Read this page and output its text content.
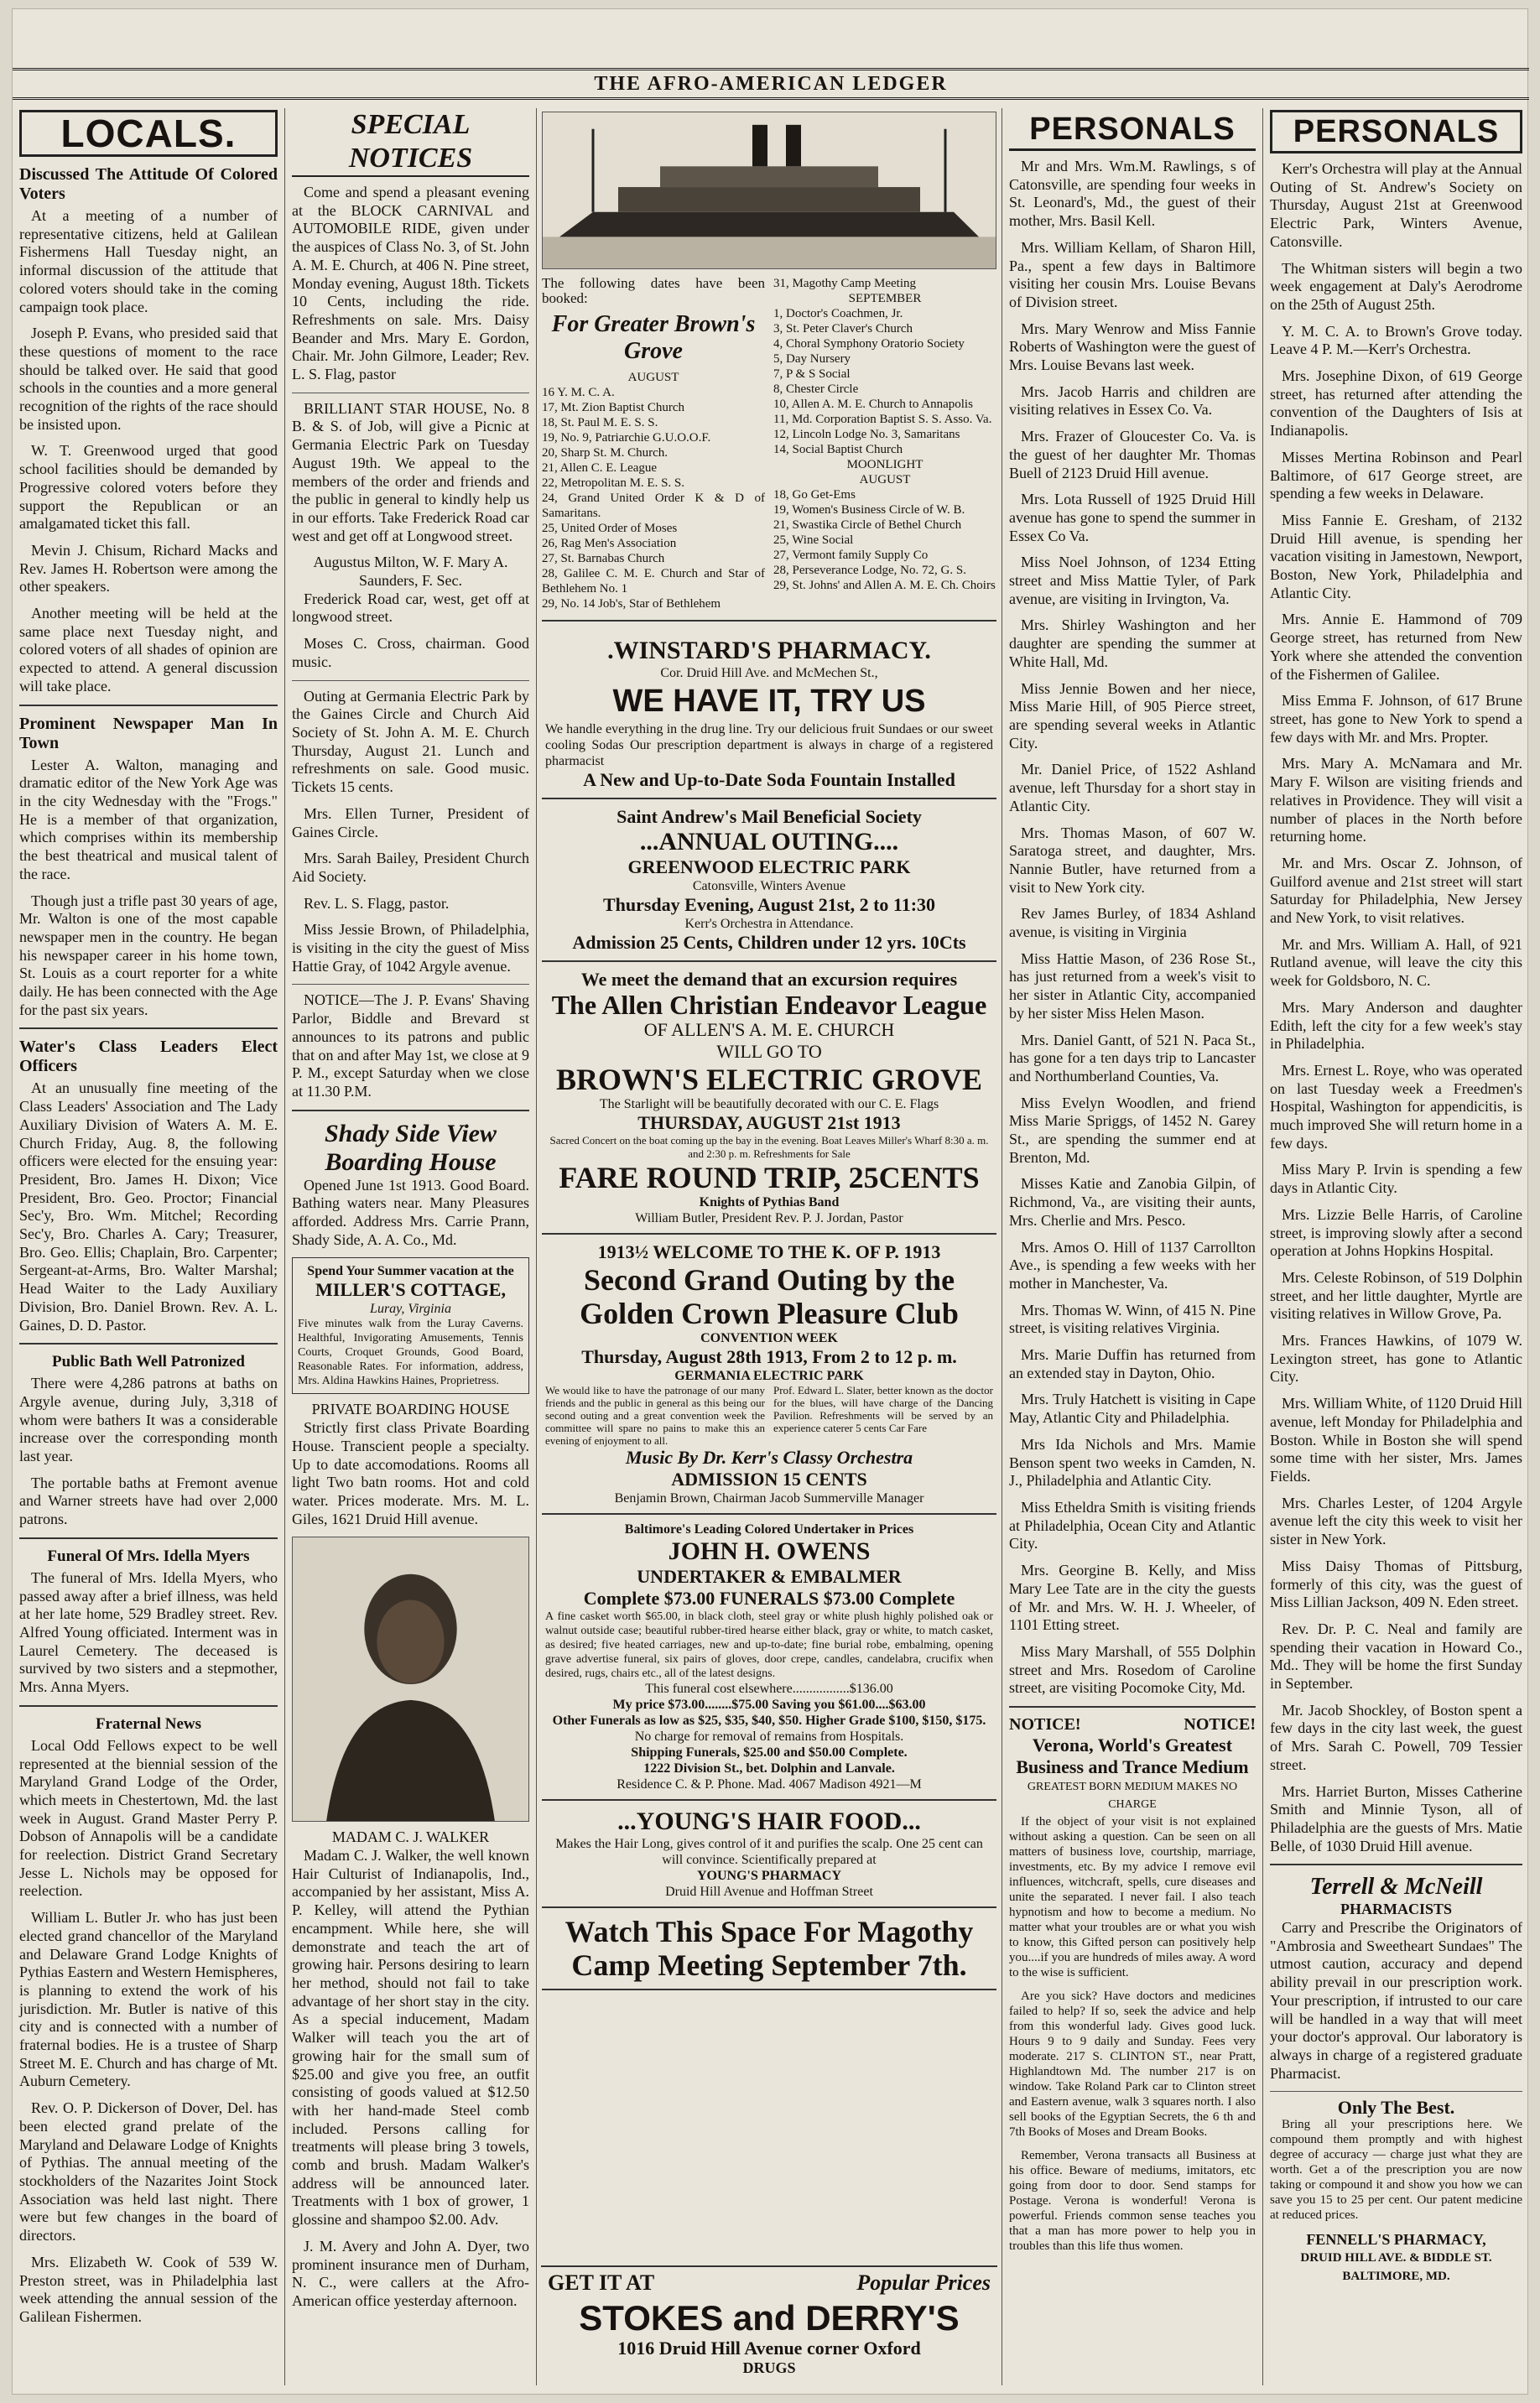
THE AFRO-AMERICAN LEDGER
LOCALS.
Discussed The Attitude Of Colored Voters
At a meeting of a number of representative citizens, held at Galilean Fishermens Hall Tuesday night, an informal discussion of the attitude that colored voters should take in the coming campaign took place.
Joseph P. Evans, who presided said that these questions of moment to the race should be talked over. He said that good schools in the counties and a more general recognition of the rights of the race should be insisted upon.
W. T. Greenwood urged that good school facilities should be demanded by Progressive colored voters before they support the Republican or an amalgamated ticket this fall.
Mevin J. Chisum, Richard Macks and Rev. James H. Robertson were among the other speakers.
Another meeting will be held at the same place next Tuesday night, and colored voters of all shades of opinion are expected to attend. A general discussion will take place.
Prominent Newspaper Man In Town
Lester A. Walton, managing and dramatic editor of the New York Age was in the city Wednesday with the "Frogs." He is a member of that organization, which comprises within its membership the best theatrical and musical talent of the race.
Though just a trifle past 30 years of age, Mr. Walton is one of the most capable newspaper men in the country. He began his newspaper career in his home town, St. Louis as a court reporter for a white daily. He has been connected with the Age for the past six years.
Water's Class Leaders Elect Officers
At an unusually fine meeting of the Class Leaders' Association and The Lady Auxiliary Division of Waters A. M. E. Church Friday, Aug. 8, the following officers were elected for the ensuing year: President, Bro. James H. Dixon; Vice President, Bro. Geo. Proctor; Financial Sec'y, Bro. Wm. Mitchel; Recording Sec'y, Bro. Charles A. Cary; Treasurer, Bro. Geo. Ellis; Chaplain, Bro. Carpenter; Sergeant-at-Arms, Bro. Walter Marshal; Head Waiter to the Lady Auxiliary Division, Bro. Daniel Brown. Rev. A. L. Gaines, D. D. Pastor.
Public Bath Well Patronized
There were 4,286 patrons at baths on Argyle avenue, during July, 3,318 of whom were bathers It was a considerable increase over the corresponding month last year.
The portable baths at Fremont avenue and Warner streets have had over 2,000 patrons.
Funeral Of Mrs. Idella Myers
The funeral of Mrs. Idella Myers, who passed away after a brief illness, was held at her late home, 529 Bradley street. Rev. Alfred Young officiated. Interment was in Laurel Cemetery. The deceased is survived by two sisters and a stepmother, Mrs. Anna Myers.
Fraternal News
Local Odd Fellows expect to be well represented at the biennial session of the Maryland Grand Lodge of the Order, which meets in Chestertown, Md. the last week in August. Grand Master Perry P. Dobson of Annapolis will be a candidate for reelection. District Grand Secretary Jesse L. Nichols may be opposed for reelection.
William L. Butler Jr. who has just been elected grand chancellor of the Maryland and Delaware Grand Lodge Knights of Pythias Eastern and Western Hemispheres, is planning to extend the work of his jurisdiction. Mr. Butler is native of this city and is connected with a number of fraternal bodies. He is a trustee of Sharp Street M. E. Church and has charge of Mt. Auburn Cemetery.
Rev. O. P. Dickerson of Dover, Del. has been elected grand prelate of the Maryland and Delaware Lodge of Knights of Pythias. The annual meeting of the stockholders of the Nazarites Joint Stock Association was held last night. There were but few changes in the board of directors.
Mrs. Elizabeth W. Cook of 539 W. Preston street, was in Philadelphia last week attending the annual session of the Galilean Fishermen.
SPECIAL NOTICES
Come and spend a pleasant evening at the BLOCK CARNIVAL and AUTOMOBILE RIDE, given under the auspices of Class No. 3, of St. John A. M. E. Church, at 406 N. Pine street, Monday evening, August 18th. Tickets 10 Cents, including the ride. Refreshments on sale. Mrs. Daisy Beander and Mrs. Mary E. Gordon, Chair. Mr. John Gilmore, Leader; Rev. L. S. Flag, pastor
BRILLIANT STAR HOUSE, No. 8 B. & S. of Job, will give a Picnic at Germania Electric Park on Tuesday August 19th. We appeal to the members of the order and friends and the public in general to kindly help us in our efforts. Take Frederick Road car west and get off at Longwood street.
Augustus Milton, W. F. Mary A. Saunders, F. Sec.
Frederick Road car, west, get off at longwood street.
Moses C. Cross, chairman. Good music.
Outing at Germania Electric Park by the Gaines Circle and Church Aid Society of St. John A. M. E. Church Thursday, August 21. Lunch and refreshments on sale. Good music. Tickets 15 cents.
Mrs. Ellen Turner, President of Gaines Circle.
Mrs. Sarah Bailey, President Church Aid Society.
Rev. L. S. Flagg, pastor.
Miss Jessie Brown, of Philadelphia, is visiting in the city the guest of Miss Hattie Gray, of 1042 Argyle avenue.
NOTICE—The J. P. Evans' Shaving Parlor, Biddle and Brevard st announces to its patrons and public that on and after May 1st, we close at 9 P. M., except Saturday when we close at 11.30 P.M.
Shady Side View
Boarding House
Opened June 1st 1913. Good Board. Bathing waters near. Many Pleasures afforded. Address Mrs. Carrie Prann, Shady Side, A. A. Co., Md.
Spend Your Summer vacation at the
MILLER'S COTTAGE,
Luray, Virginia
Five minutes walk from the Luray Caverns. Healthful, Invigorating Amusements, Tennis Courts, Croquet Grounds, Good Board, Reasonable Rates. For information, address, Mrs. Aldina Hawkins Haines, Proprietress.
PRIVATE BOARDING HOUSE
Strictly first class Private Boarding House. Transcient people a specialty. Up to date accomodations. Rooms all light Two batn rooms. Hot and cold water. Prices moderate. Mrs. M. L. Giles, 1621 Druid Hill avenue.
MADAM C. J. WALKER
Madam C. J. Walker, the well known Hair Culturist of Indianapolis, Ind., accompanied by her assistant, Miss A. P. Kelley, will attend the Pythian encampment. While here, she will demonstrate and teach the art of growing hair. Persons desiring to learn her method, should not fail to take advantage of her short stay in the city. As a special inducement, Madam Walker will teach you the art of growing hair for the small sum of $25.00 and give you free, an outfit consisting of goods valued at $12.50 with her hand-made Steel comb included. Persons calling for treatments will please bring 3 towels, comb and brush. Madam Walker's address will be announced later. Treatments with 1 box of grower, 1 glossine and shampoo $2.00. Adv.
J. M. Avery and John A. Dyer, two prominent insurance men of Durham, N. C., were callers at the Afro-American office yesterday afternoon.
The following dates have been booked:
For Greater Brown's Grove
AUGUST
16 Y. M. C. A.
17, Mt. Zion Baptist Church
18, St. Paul M. E. S. S.
19, No. 9, Patriarchie G.U.O.O.F.
20, Sharp St. M. Church.
21, Allen C. E. League
22, Metropolitan M. E. S. S.
24, Grand United Order K & D of Samaritans.
25, United Order of Moses
26, Rag Men's Association
27, St. Barnabas Church
28, Galilee C. M. E. Church and Star of Bethlehem No. 1
29, No. 14 Job's, Star of Bethlehem
31, Magothy Camp Meeting
SEPTEMBER
1, Doctor's Coachmen, Jr.
3, St. Peter Claver's Church
4, Choral Symphony Oratorio Society
5, Day Nursery
7, P & S Social
8, Chester Circle
10, Allen A. M. E. Church to Annapolis
11, Md. Corporation Baptist S. S. Asso. Va.
12, Lincoln Lodge No. 3, Samaritans
14, Social Baptist Church
MOONLIGHT
AUGUST
18, Go Get-Ems
19, Women's Business Circle of W. B.
21, Swastika Circle of Bethel Church
25, Wine Social
27, Vermont family Supply Co
28, Perseverance Lodge, No. 72, G. S.
29, St. Johns' and Allen A. M. E. Ch. Choirs
.WINSTARD'S PHARMACY.
Cor. Druid Hill Ave. and McMechen St.,
WE HAVE IT, TRY US
We handle everything in the drug line. Try our delicious fruit Sundaes or our sweet cooling Sodas Our prescription department is always in charge of a registered pharmacist
A New and Up-to-Date Soda Fountain Installed
Saint Andrew's Mail Beneficial Society
...ANNUAL OUTING....
GREENWOOD ELECTRIC PARK
Catonsville, Winters Avenue
Thursday Evening, August 21st, 2 to 11:30
Kerr's Orchestra in Attendance.
Admission 25 Cents, Children under 12 yrs. 10Cts
We meet the demand that an excursion requires
The Allen Christian Endeavor League
OF ALLEN'S A. M. E. CHURCH
WILL GO TO
BROWN'S ELECTRIC GROVE
The Starlight will be beautifully decorated with our C. E. Flags
THURSDAY, AUGUST 21st 1913
Sacred Concert on the boat coming up the bay in the evening. Boat Leaves Miller's Wharf 8:30 a. m. and 2:30 p. m. Refreshments for Sale
FARE ROUND TRIP, 25CENTS
Knights of Pythias Band
William Butler, President Rev. P. J. Jordan, Pastor
1913½ WELCOME TO THE K. OF P. 1913
Second Grand Outing by the
Golden Crown Pleasure Club
CONVENTION WEEK
Thursday, August 28th 1913, From 2 to 12 p. m.
GERMANIA ELECTRIC PARK
We would like to have the patronage of our many friends and the public in general as this being our second outing and a great convention week the committee will spare no pains to make this an evening of enjoyment to all.
Prof. Edward L. Slater, better known as the doctor for the blues, will have charge of the Dancing Pavilion. Refreshments will be served by an experience caterer 5 cents Car Fare
Music By Dr. Kerr's Classy Orchestra
ADMISSION 15 CENTS
Benjamin Brown, Chairman Jacob Summerville Manager
Baltimore's Leading Colored Undertaker in Prices
JOHN H. OWENS
UNDERTAKER & EMBALMER
Complete $73.00 FUNERALS $73.00 Complete
A fine casket worth $65.00, in black cloth, steel gray or white plush highly polished oak or walnut outside case; beautiful rubber-tired hearse either black, gray or white, to match casket, as desired; five heated carriages, new and up-to-date; fine burial robe, embalming, opening grave advertise funeral, six pairs of gloves, door crepe, candles, candelabra, crucifix when desired, rugs, chairs etc., all of the latest designs.
This funeral cost elsewhere.................$136.00
My price $73.00........$75.00 Saving you $61.00....$63.00
Other Funerals as low as $25, $35, $40, $50. Higher Grade $100, $150, $175.
No charge for removal of remains from Hospitals.
Shipping Funerals, $25.00 and $50.00 Complete.
1222 Division St., bet. Dolphin and Lanvale.
Residence C. & P. Phone. Mad. 4067 Madison 4921—M
...YOUNG'S HAIR FOOD...
Makes the Hair Long, gives control of it and purifies the scalp. One 25 cent can will convince. Scientifically prepared at
YOUNG'S PHARMACY
Druid Hill Avenue and Hoffman Street
Watch This Space For Magothy Camp Meeting September 7th.
PERSONALS
Mr and Mrs. Wm.M. Rawlings, s of Catonsville, are spending four weeks in St. Leonard's, Md., the guest of their mother, Mrs. Basil Kell.
Mrs. William Kellam, of Sharon Hill, Pa., spent a few days in Baltimore visiting her cousin Mrs. Louise Bevans of Division street.
Mrs. Mary Wenrow and Miss Fannie Roberts of Washington were the guest of Mrs. Louise Bevans last week.
Mrs. Jacob Harris and children are visiting relatives in Essex Co. Va.
Mrs. Frazer of Gloucester Co. Va. is the guest of her daughter Mr. Thomas Buell of 2123 Druid Hill avenue.
Mrs. Lota Russell of 1925 Druid Hill avenue has gone to spend the summer in Essex Co Va.
Miss Noel Johnson, of 1234 Etting street and Miss Mattie Tyler, of Park avenue, are visiting in Irvington, Va.
Mrs. Shirley Washington and her daughter are spending the summer at White Hall, Md.
Miss Jennie Bowen and her niece, Miss Marie Hill, of 905 Pierce street, are spending several weeks in Atlantic City.
Mr. Daniel Price, of 1522 Ashland avenue, left Thursday for a short stay in Atlantic City.
Mrs. Thomas Mason, of 607 W. Saratoga street, and daughter, Mrs. Nannie Butler, have returned from a visit to New York city.
Rev James Burley, of 1834 Ashland avenue, is visiting in Virginia
Miss Hattie Mason, of 236 Rose St., has just returned from a week's visit to her sister in Atlantic City, accompanied by her sister Miss Helen Mason.
Mrs. Daniel Gantt, of 521 N. Paca St., has gone for a ten days trip to Lancaster and Northumberland Counties, Va.
Miss Evelyn Woodlen, and friend Miss Marie Spriggs, of 1452 N. Garey St., are spending the summer end at Brenton, Md.
Misses Katie and Zanobia Gilpin, of Richmond, Va., are visiting their aunts, Mrs. Cherlie and Mrs. Pesco.
Mrs. Amos O. Hill of 1137 Carrollton Ave., is spending a few weeks with her mother in Manchester, Va.
Mrs. Thomas W. Winn, of 415 N. Pine street, is visiting relatives Virginia.
Mrs. Marie Duffin has returned from an extended stay in Dayton, Ohio.
Mrs. Truly Hatchett is visiting in Cape May, Atlantic City and Philadelphia.
Mrs Ida Nichols and Mrs. Mamie Benson spent two weeks in Camden, N. J., Philadelphia and Atlantic City.
Miss Etheldra Smith is visiting friends at Philadelphia, Ocean City and Atlantic City.
Mrs. Georgine B. Kelly, and Miss Mary Lee Tate are in the city the guests of Mr. and Mrs. W. H. J. Wheeler, of 1101 Etting street.
Miss Mary Marshall, of 555 Dolphin street and Mrs. Rosedom of Caroline street, are visiting Pocomoke City, Md.
NOTICE!	NOTICE!
Verona, World's Greatest Business and Trance Medium
GREATEST BORN MEDIUM MAKES NO CHARGE
If the object of your visit is not explained without asking a question. Can be seen on all matters of business love, courtship, marriage, investments, etc. By my advice I remove evil influences, witchcraft, spells, cure diseases and unite the separated. I never fail. I also teach hypnotism and how to become a medium. No matter what your troubles are or what you wish to know, this Gifted person can positively help you....if you are hundreds of miles away. A word to the wise is sufficient.
Are you sick? Have doctors and medicines failed to help? If so, seek the advice and help from this wonderful lady. Gives good luck. Hours 9 to 9 daily and Sunday. Fees very moderate. 217 S. CLINTON ST., near Pratt, Highlandtown Md. The number 217 is on window. Take Roland Park car to Clinton street and Eastern avenue, walk 3 squares north. I also sell books of the Egyptian Secrets, the 6 th and 7th Books of Moses and Dream Books.
Remember, Verona transacts all Business at his office. Beware of mediums, imitators, etc going from door to door. Send stamps for Postage. Verona is wonderful! Verona is powerful. Friends common sense teaches you that a man has more power to help you in troubles than this life thus women.
PERSONALS
Kerr's Orchestra will play at the Annual Outing of St. Andrew's Society on Thursday, August 21st at Greenwood Electric Park, Winters Avenue, Catonsville.
The Whitman sisters will begin a two week engagement at Daly's Aerodrome on the 25th of August 25th.
Y. M. C. A. to Brown's Grove today. Leave 4 P. M.—Kerr's Orchestra.
Mrs. Josephine Dixon, of 619 George street, has returned after attending the convention of the Daughters of Isis at Indianapolis.
Misses Mertina Robinson and Pearl Baltimore, of 617 George street, are spending a few weeks in Delaware.
Miss Fannie E. Gresham, of 2132 Druid Hill avenue, is spending her vacation visiting in Jamestown, Newport, Boston, New York, Philadelphia and Atlantic City.
Mrs. Annie E. Hammond of 709 George street, has returned from New York where she attended the convention of the Fishermen of Galilee.
Miss Emma F. Johnson, of 617 Brune street, has gone to New York to spend a few days with Mr. and Mrs. Propter.
Mrs. Mary A. McNamara and Mr. Mary F. Wilson are visiting friends and relatives in Providence. They will visit a number of places in the North before returning home.
Mr. and Mrs. Oscar Z. Johnson, of Guilford avenue and 21st street will start Saturday for Philadelphia, New Jersey and New York, to visit relatives.
Mr. and Mrs. William A. Hall, of 921 Rutland avenue, will leave the city this week for Goldsboro, N. C.
Mrs. Mary Anderson and daughter Edith, left the city for a few week's stay in Philadelphia.
Mrs. Ernest L. Roye, who was operated on last Tuesday week a Freedmen's Hospital, Washington for appendicitis, is much improved She will return home in a few days.
Miss Mary P. Irvin is spending a few days in Atlantic City.
Mrs. Lizzie Belle Harris, of Caroline street, is improving slowly after a second operation at Johns Hopkins Hospital.
Mrs. Celeste Robinson, of 519 Dolphin street, and her little daughter, Myrtle are visiting relatives in Willow Grove, Pa.
Mrs. Frances Hawkins, of 1079 W. Lexington street, has gone to Atlantic City.
Mrs. William White, of 1120 Druid Hill avenue, left Monday for Philadelphia and Boston. While in Boston she will spend some time with her sister, Mrs. James Fields.
Mrs. Charles Lester, of 1204 Argyle avenue left the city this week to visit her sister in New York.
Miss Daisy Thomas of Pittsburg, formerly of this city, was the guest of Miss Lillian Jackson, 409 N. Eden street.
Rev. Dr. P. C. Neal and family are spending their vacation in Howard Co., Md.. They will be home the first Sunday in September.
Mr. Jacob Shockley, of Boston spent a few days in the city last week, the guest of Mrs. Sarah C. Powell, 709 Tessier street.
Mrs. Harriet Burton, Misses Catherine Smith and Minnie Tyson, all of Philadelphia are the guests of Mrs. Matie Belle, of 1030 Druid Hill avenue.
Terrell & McNeill
PHARMACISTS
Carry and Prescribe the Originators of "Ambrosia and Sweetheart Sundaes" The utmost caution, accuracy and depend ability prevail in our prescription work. Your prescription, if intrusted to our care will be handled in a way that will meet your doctor's approval. Our laboratory is always in charge of a registered graduate Pharmacist.
Only The Best.
Bring all your prescriptions here. We compound them promptly and with highest degree of accuracy — charge just what they are worth. Get a of the prescription you are now taking or compound it and show you how we can save you 15 to 25 per cent. Our patent medicine at reduced prices.
FENNELL'S PHARMACY,
DRUID HILL AVE. & BIDDLE ST. BALTIMORE, MD.
GET IT AT	Popular Prices
STOKES and DERRY'S
1016 Druid Hill Avenue corner Oxford
DRUGS
